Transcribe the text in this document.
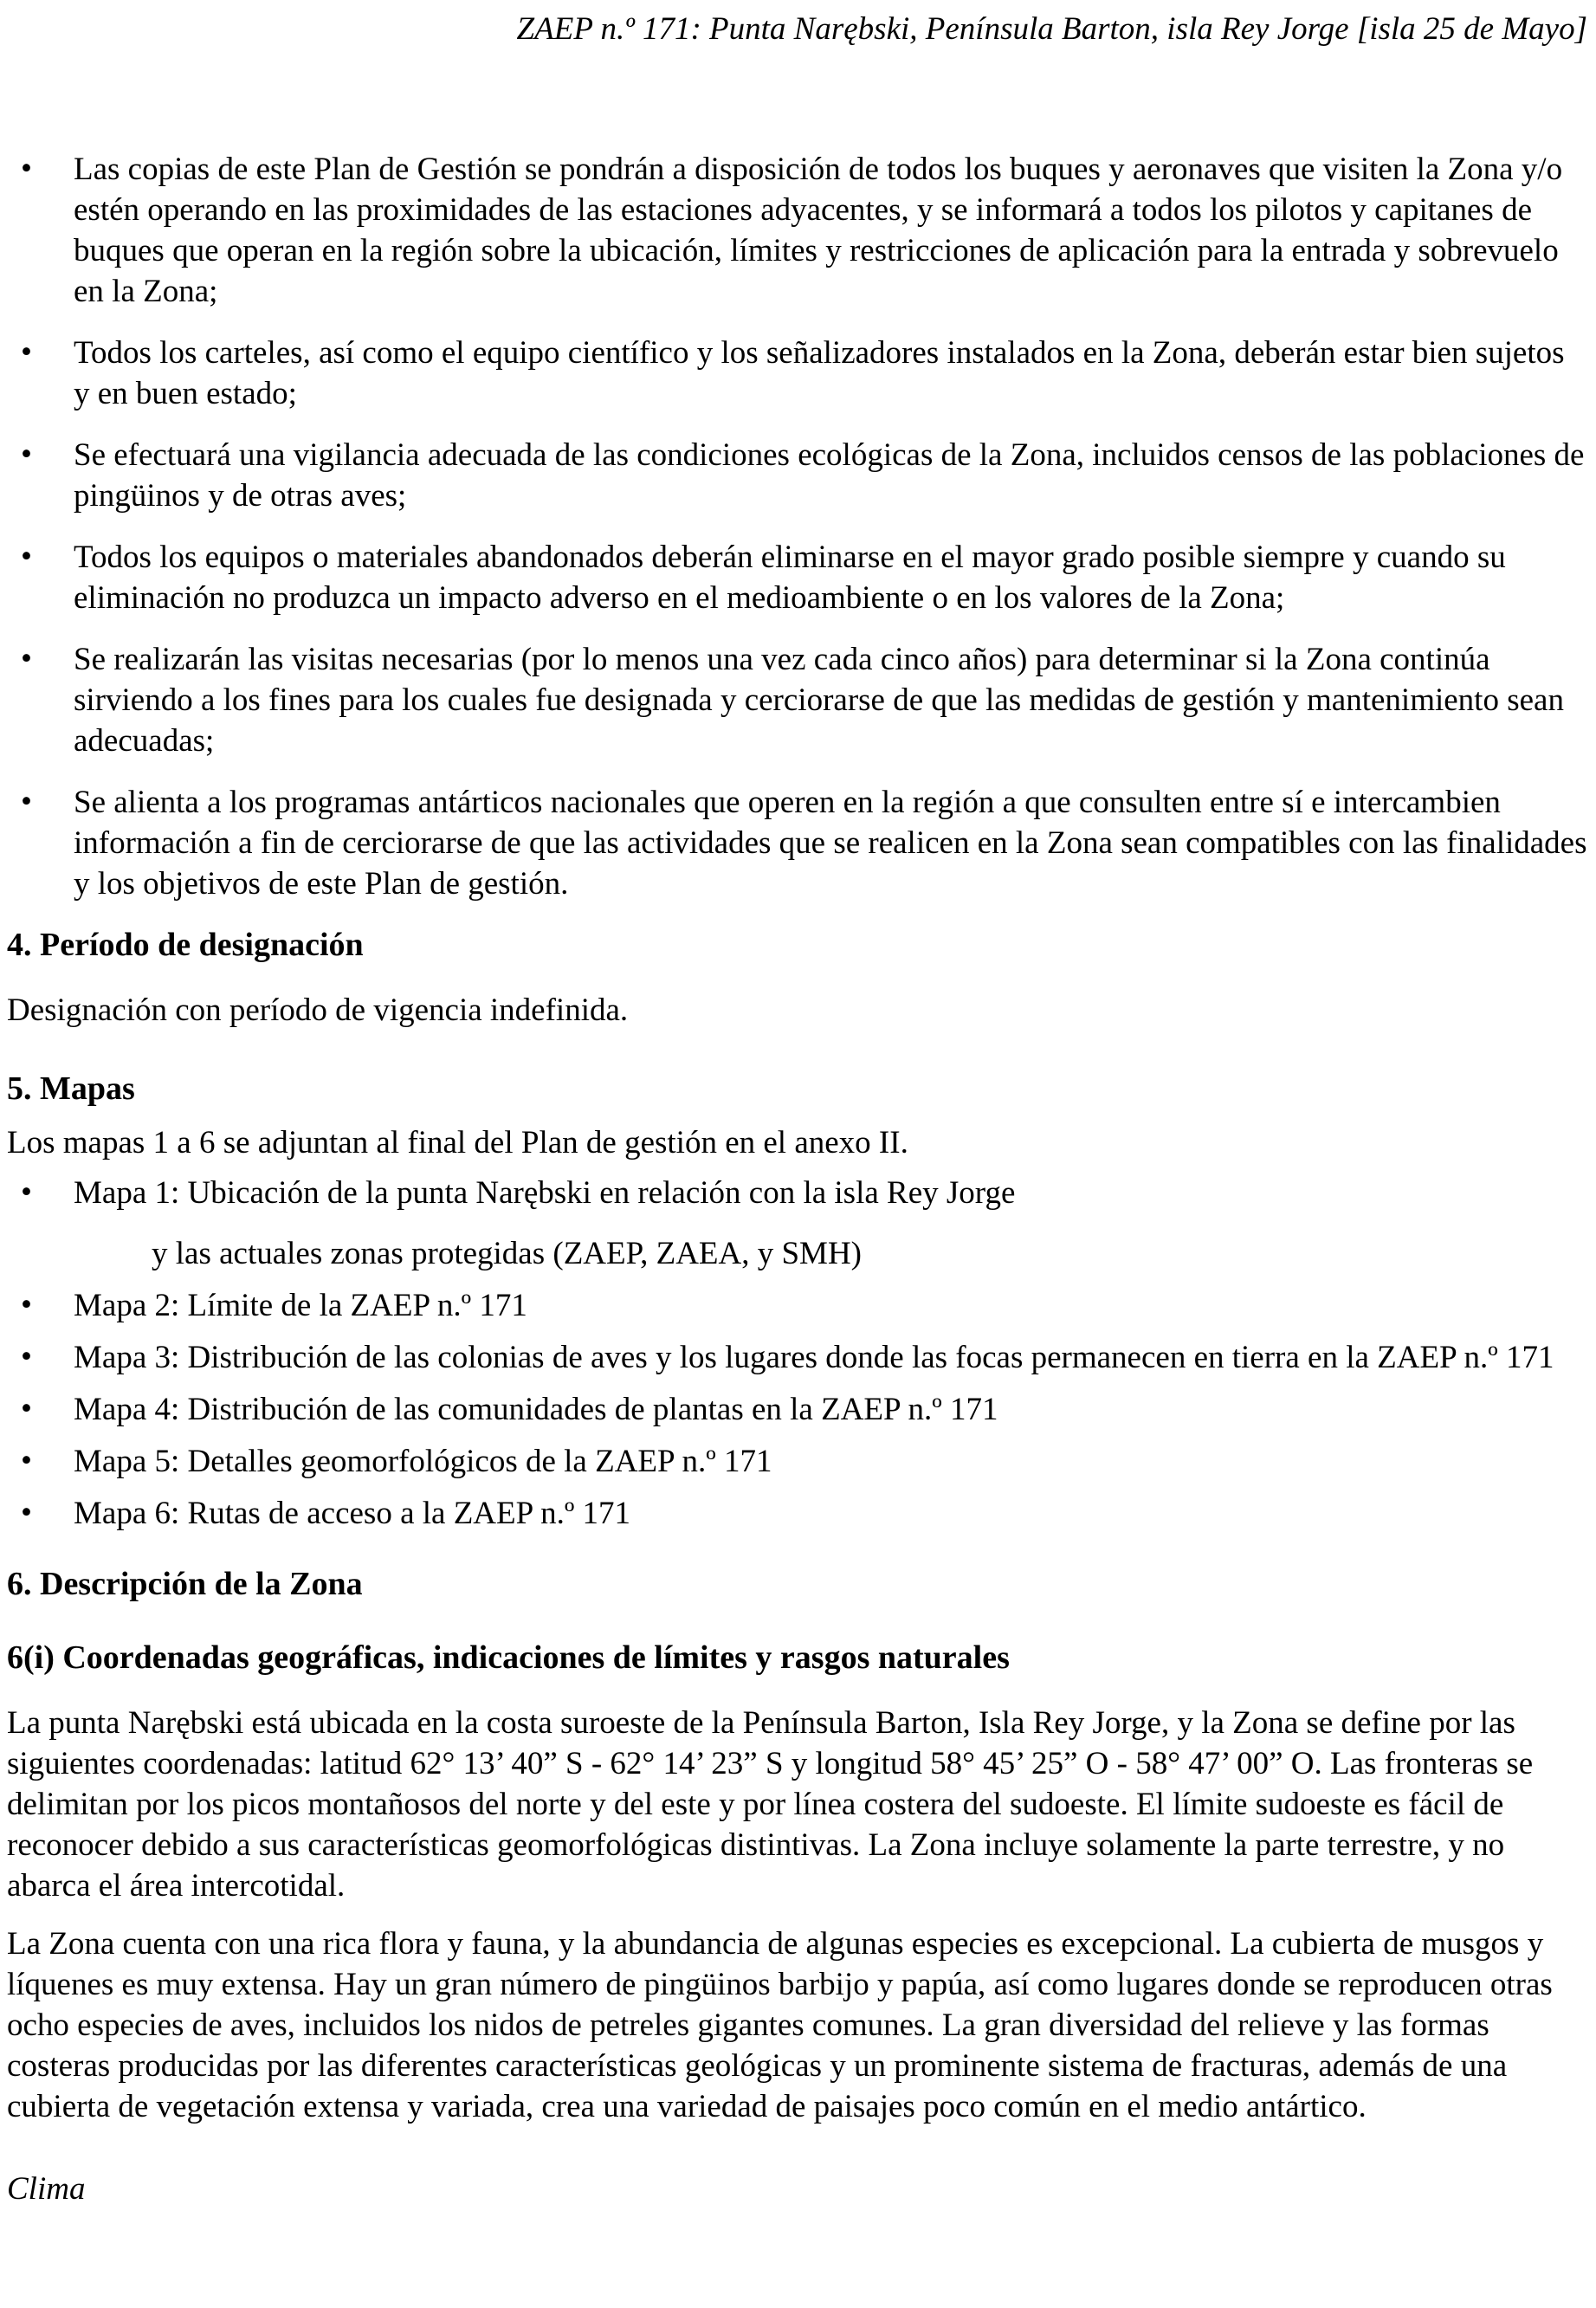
ZAEP n.º 171: Punta Narębski, Península Barton, isla Rey Jorge [isla 25 de Mayo]
• Las copias de este Plan de Gestión se pondrán a disposición de todos los buques y aeronaves que visiten la Zona y/o estén operando en las proximidades de las estaciones adyacentes, y se informará a todos los pilotos y capitanes de buques que operan en la región sobre la ubicación, límites y restricciones de aplicación para la entrada y sobrevuelo en la Zona;
• Todos los carteles, así como el equipo científico y los señalizadores instalados en la Zona, deberán estar bien sujetos y en buen estado;
• Se efectuará una vigilancia adecuada de las condiciones ecológicas de la Zona, incluidos censos de las poblaciones de pingüinos y de otras aves;
• Todos los equipos o materiales abandonados deberán eliminarse en el mayor grado posible siempre y cuando su eliminación no produzca un impacto adverso en el medioambiente o en los valores de la Zona;
• Se realizarán las visitas necesarias (por lo menos una vez cada cinco años) para determinar si la Zona continúa sirviendo a los fines para los cuales fue designada y cerciorarse de que las medidas de gestión y mantenimiento sean adecuadas;
• Se alienta a los programas antárticos nacionales que operen en la región a que consulten entre sí e intercambien información a fin de cerciorarse de que las actividades que se realicen en la Zona sean compatibles con las finalidades y los objetivos de este Plan de gestión.
4. Período de designación

Designación con período de vigencia indefinida.

5. Mapas

Los mapas 1 a 6 se adjuntan al final del Plan de gestión en el anexo II.

• Mapa 1: Ubicación de la punta Narębski en relación con la isla Rey Jorge
y las actuales zonas protegidas (ZAEP, ZAEA, y SMH)
• Mapa 2: Límite de la ZAEP n.º 171
• Mapa 3: Distribución de las colonias de aves y los lugares donde las focas permanecen en tierra en la ZAEP n.º 171
• Mapa 4: Distribución de las comunidades de plantas en la ZAEP n.º 171
• Mapa 5: Detalles geomorfológicos de la ZAEP n.º 171
• Mapa 6: Rutas de acceso a la ZAEP n.º 171
6. Descripción de la Zona
6(i) Coordenadas geográficas, indicaciones de límites y rasgos naturales

La punta Narębski está ubicada en la costa suroeste de la Península Barton, Isla Rey Jorge, y la Zona se define por las siguientes coordenadas: latitud 62° 13’ 40” S - 62° 14’ 23” S y longitud 58° 45’ 25” O - 58° 47’ 00” O. Las fronteras se delimitan por los picos montañosos del norte y del este y por línea costera del sudoeste. El límite sudoeste es fácil de reconocer debido a sus características geomorfológicas distintivas. La Zona incluye solamente la parte terrestre, y no abarca el área intercotidal.

La Zona cuenta con una rica flora y fauna, y la abundancia de algunas especies es excepcional. La cubierta de musgos y líquenes es muy extensa. Hay un gran número de pingüinos barbijo y papúa, así como lugares donde se reproducen otras ocho especies de aves, incluidos los nidos de petreles gigantes comunes. La gran diversidad del relieve y las formas costeras producidas por las diferentes características geológicas y un prominente sistema de fracturas, además de una cubierta de vegetación extensa y variada, crea una variedad de paisajes poco común en el medio antártico.

Clima
